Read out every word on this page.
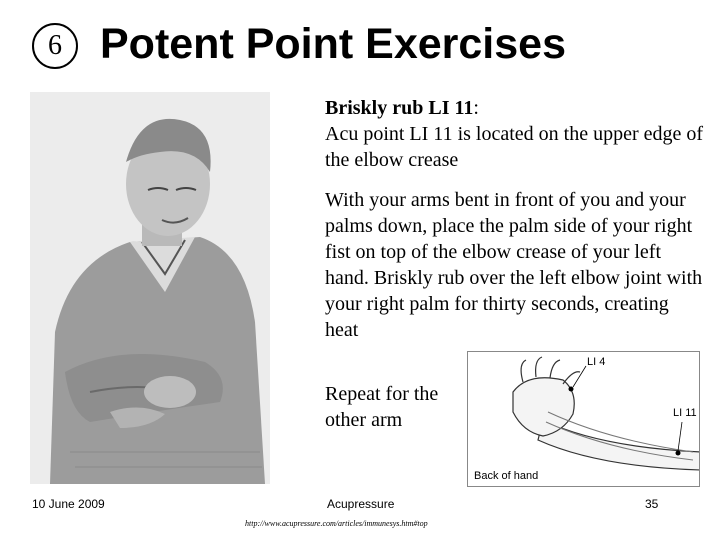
6 Potent Point Exercises
Briskly rub LI 11:
Acu point LI 11 is located on the upper edge of the elbow crease
With your arms bent in front of you and your palms down, place the palm side of your right fist on top of the elbow crease of your left hand. Briskly rub over the left elbow joint with your right palm for thirty seconds, creating heat
Repeat for the other arm
LI 4
LI 11
Back of hand
10 June 2009	Acupressure	35
http://www.acupressure.com/articles/immunesys.htm#top
